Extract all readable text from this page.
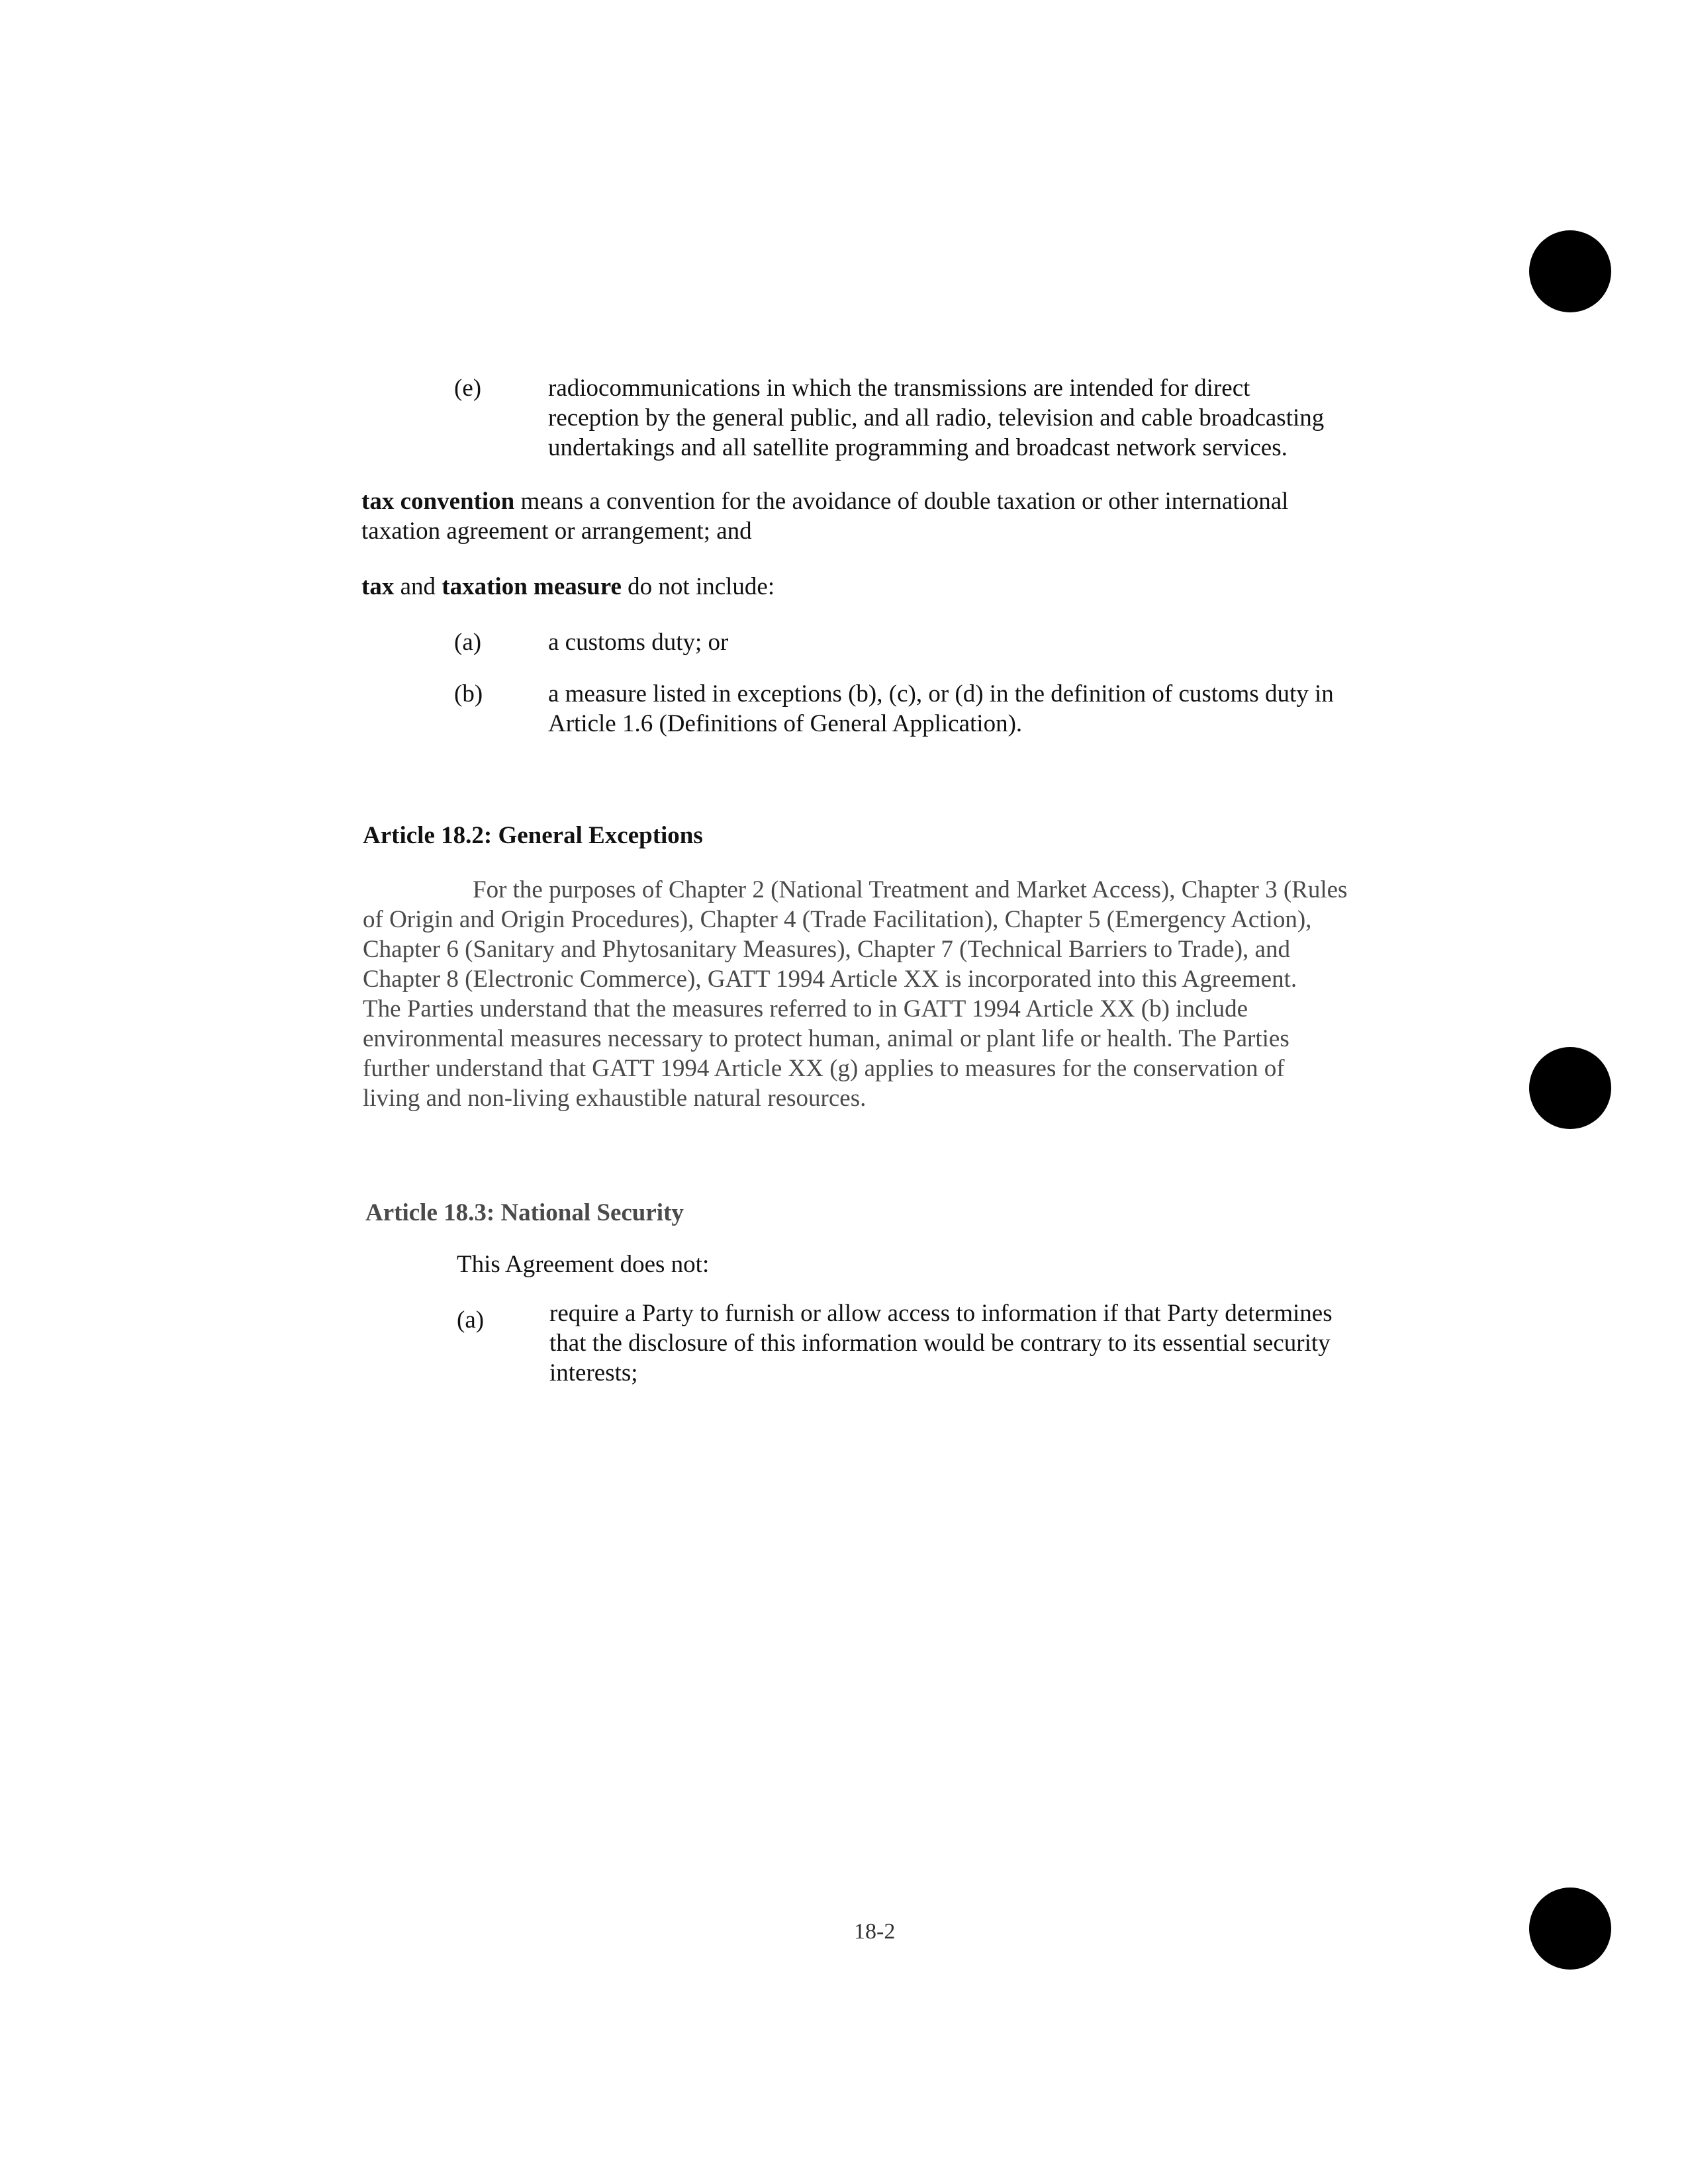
(e)	radiocommunications in which the transmissions are intended for direct
reception by the general public, and all radio, television and cable broadcasting
undertakings and all satellite programming and broadcast network services.
tax convention means a convention for the avoidance of double taxation or other international
taxation agreement or arrangement; and
tax and taxation measure do not include:
(a)	a customs duty; or
(b)	a measure listed in exceptions (b), (c), or (d) in the definition of customs duty in
Article 1.6 (Definitions of General Application).
Article 18.2: General Exceptions
For the purposes of Chapter 2 (National Treatment and Market Access), Chapter 3 (Rules
of Origin and Origin Procedures), Chapter 4 (Trade Facilitation), Chapter 5 (Emergency Action),
Chapter 6 (Sanitary and Phytosanitary Measures), Chapter 7 (Technical Barriers to Trade), and
Chapter 8 (Electronic Commerce), GATT 1994 Article XX is incorporated into this Agreement.
The Parties understand that the measures referred to in GATT 1994 Article XX (b) include
environmental measures necessary to protect human, animal or plant life or health. The Parties
further understand that GATT 1994 Article XX (g) applies to measures for the conservation of
living and non-living exhaustible natural resources.
Article 18.3: National Security
This Agreement does not:
(a)	require a Party to furnish or allow access to information if that Party determines
that the disclosure of this information would be contrary to its essential security
interests;
18-2
